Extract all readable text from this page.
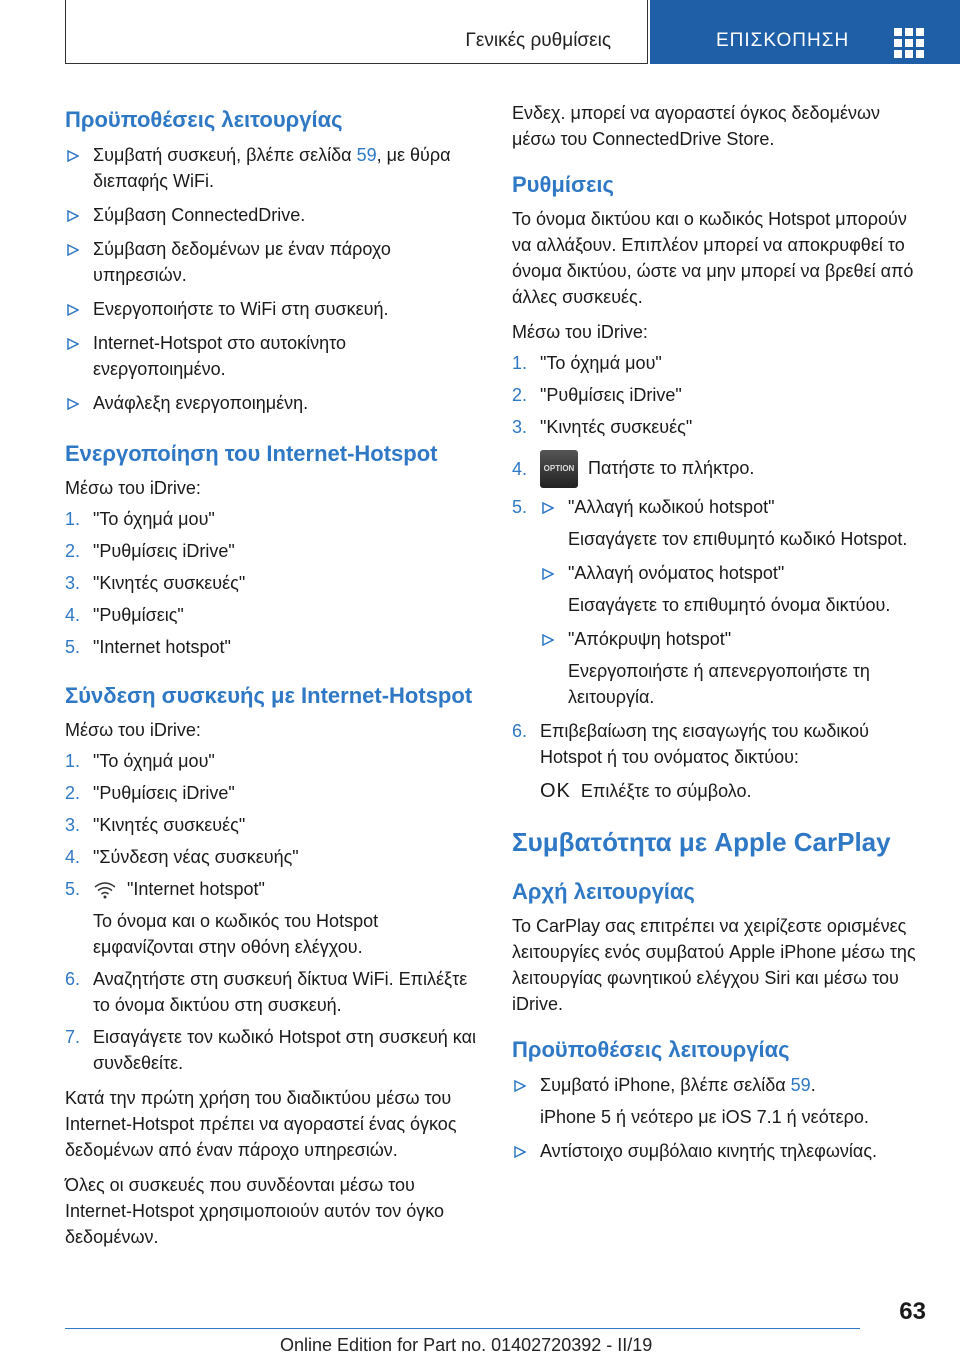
Γενικές ρυθμίσεις	ΕΠΙΣΚΟΠΗΣΗ
Προϋποθέσεις λειτουργίας
Συμβατή συσκευή, βλέπε σελίδα 59, με θύρα διεπαφής WiFi.
Σύμβαση ConnectedDrive.
Σύμβαση δεδομένων με έναν πάροχο υπηρεσιών.
Ενεργοποιήστε το WiFi στη συσκευή.
Internet-Hotspot στο αυτοκίνητο ενεργοποιημένο.
Ανάφλεξη ενεργοποιημένη.
Ενεργοποίηση του Internet-Hotspot

Μέσω του iDrive:

1. "Το όχημά μου"
2. "Ρυθμίσεις iDrive"
3. "Κινητές συσκευές"
4. "Ρυθμίσεις"
5. "Internet hotspot"
Σύνδεση συσκευής με Internet-Hotspot

Μέσω του iDrive:

1. "Το όχημά μου"
2. "Ρυθμίσεις iDrive"
3. "Κινητές συσκευές"
4. "Σύνδεση νέας συσκευής"
5.	"Internet hotspot"
Το όνομα και ο κωδικός του Hotspot εμφανίζονται στην οθόνη ελέγχου.
6. Αναζητήστε στη συσκευή δίκτυα WiFi. Επιλέξτε το όνομα δικτύου στη συσκευή.
7. Εισαγάγετε τον κωδικό Hotspot στη συσκευή και συνδεθείτε.

Κατά την πρώτη χρήση του διαδικτύου μέσω του Internet-Hotspot πρέπει να αγοραστεί ένας όγκος δεδομένων από έναν πάροχο υπηρεσιών.

Όλες οι συσκευές που συνδέονται μέσω του Internet-Hotspot χρησιμοποιούν αυτόν τον όγκο δεδομένων.

Ενδεχ. μπορεί να αγοραστεί όγκος δεδομένων μέσω του ConnectedDrive Store.

Ρυθμίσεις

Το όνομα δικτύου και ο κωδικός Hotspot μπορούν να αλλάξουν. Επιπλέον μπορεί να αποκρυφθεί το όνομα δικτύου, ώστε να μην μπορεί να βρεθεί από άλλες συσκευές.

Μέσω του iDrive:

1. "Το όχημά μου"
2. "Ρυθμίσεις iDrive"
3. "Κινητές συσκευές"
4. OPTION Πατήστε το πλήκτρο.
5.	"Αλλαγή κωδικού hotspot"
Εισαγάγετε τον επιθυμητό κωδικό Hotspot.
"Αλλαγή ονόματος hotspot"
Εισαγάγετε το επιθυμητό όνομα δικτύου.
"Απόκρυψη hotspot"
Ενεργοποιήστε ή απενεργοποιήστε τη λειτουργία.
6. Επιβεβαίωση της εισαγωγής του κωδικού Hotspot ή του ονόματος δικτύου:
OK Επιλέξτε το σύμβολο.
Συμβατότητα με Apple CarPlay
Αρχή λειτουργίας

Το CarPlay σας επιτρέπει να χειρίζεστε ορισμένες λειτουργίες ενός συμβατού Apple iPhone μέσω της λειτουργίας φωνητικού ελέγχου Siri και μέσω του iDrive.

Προϋποθέσεις λειτουργίας
Συμβατό iPhone, βλέπε σελίδα 59.
iPhone 5 ή νεότερο με iOS 7.1 ή νεότερο.
Αντίστοιχο συμβόλαιο κινητής τηλεφωνίας.
63
Online Edition for Part no. 01402720392 - II/19
